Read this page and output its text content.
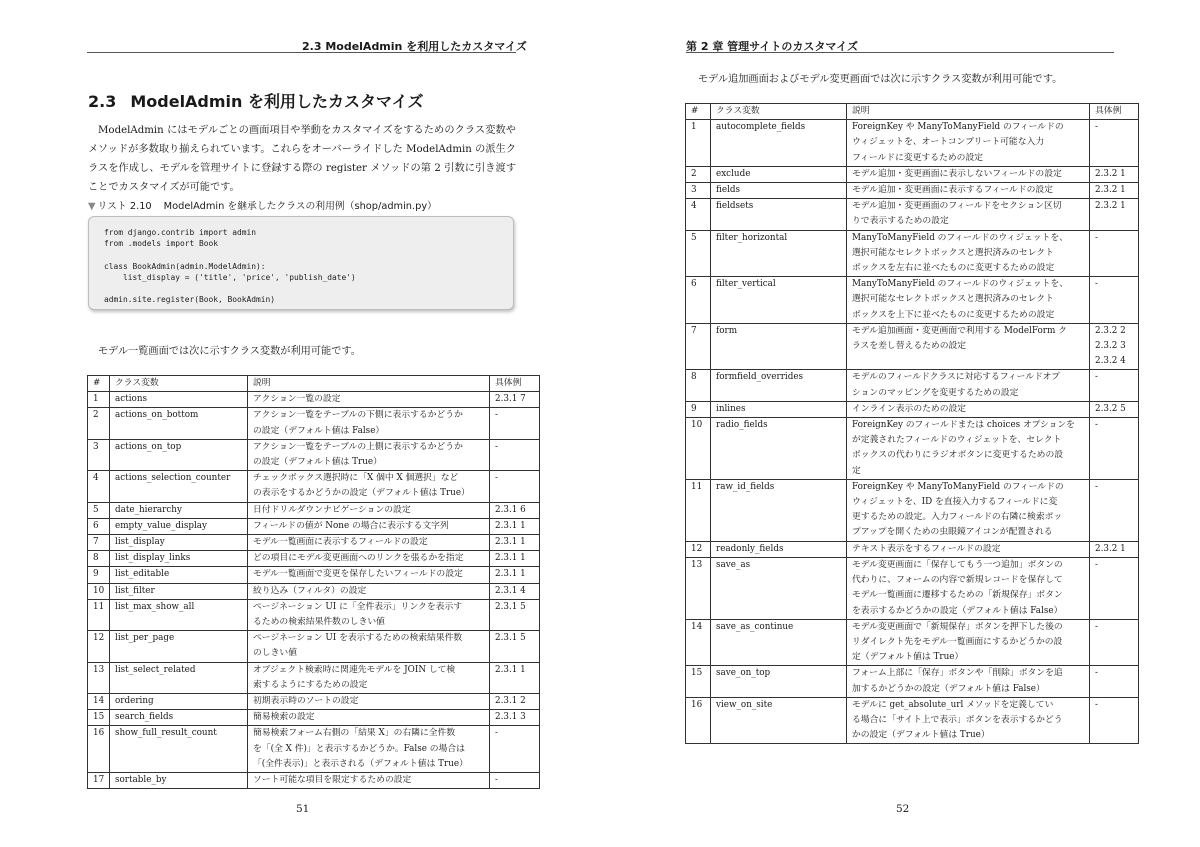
2.3 ModelAdmin を利用したカスタマイズ
2.3 ModelAdmin を利用したカスタマイズ

ModelAdmin にはモデルごとの画面項目や挙動をカスタマイズをするためのクラス変数やメソッドが多数取り揃えられています。これらをオーバーライドした ModelAdmin の派生クラスを作成し、モデルを管理サイトに登録する際の register メソッドの第 2 引数に引き渡すことでカスタマイズが可能です。

▼ リスト 2.10 ModelAdmin を継承したクラスの利用例（shop/admin.py）
from django.contrib import admin
from .models import Book

class BookAdmin(admin.ModelAdmin):
list_display = ('title', 'price', 'publish_date')

admin.site.register(Book, BookAdmin)

モデル一覧画面では次に示すクラス変数が利用可能です。

#	クラス変数	説明	具体例
1	actions	アクション一覧の設定	2.3.1 7

2	actions_on_bottom	アクション一覧をテーブルの下側に表示するかどうか
の設定（デフォルト値は False）	-

3	actions_on_top	アクション一覧をテーブルの上側に表示するかどうか
の設定（デフォルト値は True）	-

4	actions_selection_counter	チェックボックス選択時に「X 個中 X 個選択」など
の表示をするかどうかの設定（デフォルト値は True）	-

5	date_hierarchy	日付ドリルダウンナビゲーションの設定	2.3.1 6

6	empty_value_display	フィールドの値が None の場合に表示する文字列	2.3.1 1

7	list_display	モデル一覧画面に表示するフィールドの設定	2.3.1 1

8	list_display_links	どの項目にモデル変更画面へのリンクを張るかを指定	2.3.1 1

9	list_editable	モデル一覧画面で変更を保存したいフィールドの設定	2.3.1 1

10	list_filter	絞り込み（フィルタ）の設定	2.3.1 4

11	list_max_show_all	ページネーション UI に「全件表示」リンクを表示す
るための検索結果件数のしきい値	2.3.1 5

12	list_per_page	ページネーション UI を表示するための検索結果件数
のしきい値	2.3.1 5

13	list_select_related	オブジェクト検索時に関連先モデルを JOIN して検
索するようにするための設定	2.3.1 1

14	ordering	初期表示時のソートの設定	2.3.1 2

15	search_fields	簡易検索の設定	2.3.1 3

16	show_full_result_count	簡易検索フォーム右側の「結果 X」の右隣に全件数
を「(全 X 件)」と表示するかどうか。False の場合は
「(全件表示)」と表示される（デフォルト値は True）	-

17	sortable_by	ソート可能な項目を限定するための設定	-
51
第 2 章 管理サイトのカスタマイズ

モデル追加画面およびモデル変更画面では次に示すクラス変数が利用可能です。

#	クラス変数	説明	具体例
1	autocomplete_fields	ForeignKey や ManyToManyField のフィールドの
ウィジェットを、オートコンプリート可能な入力
フィールドに変更するための設定	-

2	exclude	モデル追加・変更画面に表示しないフィールドの設定	2.3.2 1

3	fields	モデル追加・変更画面に表示するフィールドの設定	2.3.2 1

4	fieldsets	モデル追加・変更画面のフィールドをセクション区切
りで表示するための設定	2.3.2 1

5	filter_horizontal	ManyToManyField のフィールドのウィジェットを、
選択可能なセレクトボックスと選択済みのセレクト
ボックスを左右に並べたものに変更するための設定	-

6	filter_vertical	ManyToManyField のフィールドのウィジェットを、
選択可能なセレクトボックスと選択済みのセレクト
ボックスを上下に並べたものに変更するための設定	-

7	form	モデル追加画面・変更画面で利用する ModelForm ク
ラスを差し替えるための設定	2.3.2 2
2.3.2 3
2.3.2 4

8	formfield_overrides	モデルのフィールドクラスに対応するフィールドオプ
ションのマッピングを変更するための設定	-

9	inlines	インライン表示のための設定	2.3.2 5

10	radio_fields	ForeignKey のフィールドまたは choices オプションを
が定義されたフィールドのウィジェットを、セレクト
ボックスの代わりにラジオボタンに変更するための設
定	-

11	raw_id_fields	ForeignKey や ManyToManyField のフィールドの
ウィジェットを、ID を直接入力するフィールドに変
更するための設定。入力フィールドの右隣に検索ポッ
プアップを開くための虫眼鏡アイコンが配置される	-

12	readonly_fields	テキスト表示をするフィールドの設定	2.3.2 1

13	save_as	モデル変更画面に「保存してもう一つ追加」ボタンの
代わりに、フォームの内容で新規レコードを保存して
モデル一覧画面に遷移するための「新規保存」ボタン
を表示するかどうかの設定（デフォルト値は False）	-

14	save_as_continue	モデル変更画面で「新規保存」ボタンを押下した後の
リダイレクト先をモデル一覧画面にするかどうかの設
定（デフォルト値は True）	-

15	save_on_top	フォーム上部に「保存」ボタンや「削除」ボタンを追
加するかどうかの設定（デフォルト値は False）	-

16	view_on_site	モデルに get_absolute_url メソッドを定義してい
る場合に「サイト上で表示」ボタンを表示するかどう
かの設定（デフォルト値は True）	-
52
